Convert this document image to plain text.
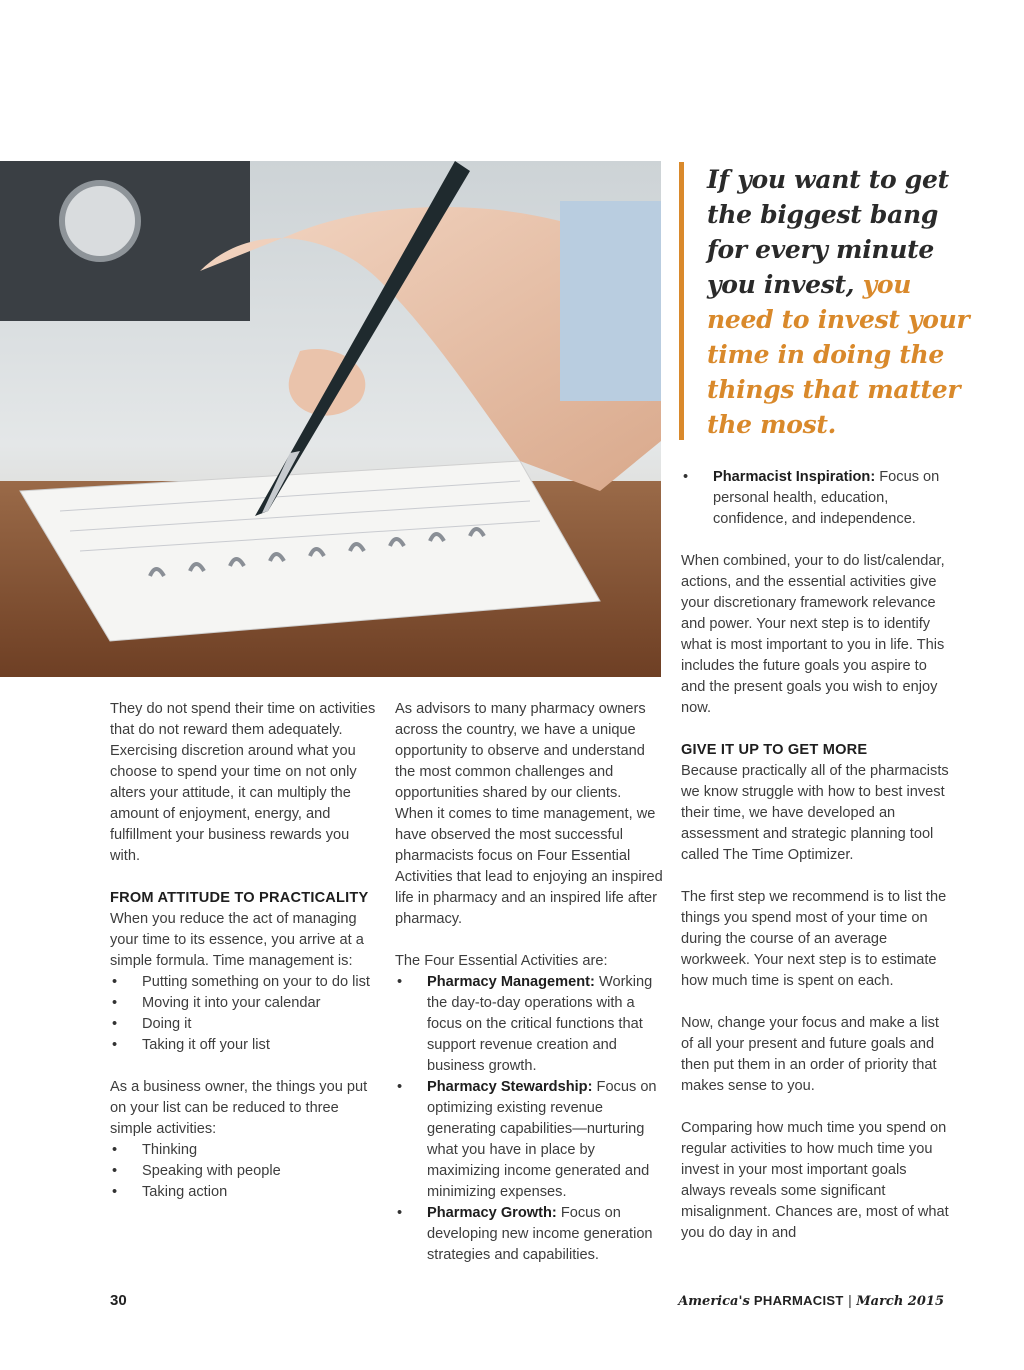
If you want to get the biggest bang for every minute you invest, you need to invest your time in doing the things that matter the most.

They do not spend their time on activities that do not reward them adequately. Exercising discretion around what you choose to spend your time on not only alters your attitude, it can multiply the amount of enjoyment, energy, and fulfillment your business rewards you with.

FROM ATTITUDE TO PRACTICALITY

When you reduce the act of managing your time to its essence, you arrive at a simple formula. Time management is:

• Putting something on your to do list
• Moving it into your calendar
• Doing it
• Taking it off your list

As a business owner, the things you put on your list can be reduced to three simple activities:

• Thinking
• Speaking with people
• Taking action

As advisors to many pharmacy owners across the country, we have a unique opportunity to observe and understand the most common challenges and opportunities shared by our clients. When it comes to time management, we have observed the most successful pharmacists focus on Four Essential Activities that lead to enjoying an inspired life in pharmacy and an inspired life after pharmacy.

The Four Essential Activities are:

• Pharmacy Management: Working the day-to-day operations with a focus on the critical functions that support revenue creation and business growth.
• Pharmacy Stewardship: Focus on optimizing existing revenue generating capabilities—nurturing what you have in place by maximizing income generated and minimizing expenses.
• Pharmacy Growth: Focus on developing new income generation strategies and capabilities.
• Pharmacist Inspiration: Focus on personal health, education, confidence, and independence.

When combined, your to do list/calendar, actions, and the essential activities give your discretionary framework relevance and power. Your next step is to identify what is most important to you in life. This includes the future goals you aspire to and the present goals you wish to enjoy now.

GIVE IT UP TO GET MORE

Because practically all of the pharmacists we know struggle with how to best invest their time, we have developed an assessment and strategic planning tool called The Time Optimizer.

The first step we recommend is to list the things you spend most of your time on during the course of an average workweek. Your next step is to estimate how much time is spent on each.

Now, change your focus and make a list of all your present and future goals and then put them in an order of priority that makes sense to you.

Comparing how much time you spend on regular activities to how much time you invest in your most important goals always reveals some significant misalignment. Chances are, most of what you do day in and

30	America's PHARMACIST | March 2015
